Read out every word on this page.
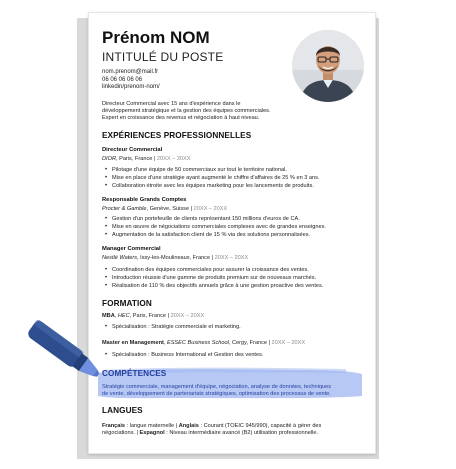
Prénom NOM
INTITULÉ DU POSTE
nom.prenom@mail.fr
06 06 06 06 06
linkedin/prenom-nom/
Directeur Commercial avec 15 ans d'expérience dans le
développement stratégique et la gestion des équipes commerciales.
Expert en croissance des revenus et négociation à haut niveau.
EXPÉRIENCES PROFESSIONNELLES
Directeur Commercial
DIOR, Paris, France | 20XX – 20XX
• Pilotage d'une équipe de 50 commerciaux sur tout le territoire national.
• Mise en place d'une stratégie ayant augmenté le chiffre d'affaires de 25 % en 3 ans.
• Collaboration étroite avec les équipes marketing pour les lancements de produits.
Responsable Grands Comptes
Procter & Gamble, Genève, Suisse | 20XX – 20XX
• Gestion d'un portefeuille de clients représentant 150 millions d'euros de CA.
• Mise en œuvre de négociations commerciales complexes avec de grandes enseignes.
• Augmentation de la satisfaction client de 15 % via des solutions personnalisées.
Manager Commercial
Nestlé Waters, Issy-les-Moulineaux, France | 20XX – 20XX
• Coordination des équipes commerciales pour assurer la croissance des ventes.
• Introduction réussie d'une gamme de produits premium sur de nouveaux marchés.
• Réalisation de 110 % des objectifs annuels grâce à une gestion proactive des ventes.
FORMATION
MBA, HEC, Paris, France | 20XX – 20XX
• Spécialisation : Stratégie commerciale et marketing.
Master en Management, ESSEC Business School, Cergy, France | 20XX – 20XX
• Spécialisation : Business International et Gestion des ventes.
COMPÉTENCES
Stratégie commerciale, management d'équipe, négociation, analyse de données, techniques
de vente, développement de partenariats stratégiques, optimisation des processus de vente.
LANGUES
Français : langue maternelle | Anglais : Courant (TOEIC 945/990), capacité à gérer des
négociations. | Espagnol : Niveau intermédiaire avancé (B2) utilisation professionnelle.
